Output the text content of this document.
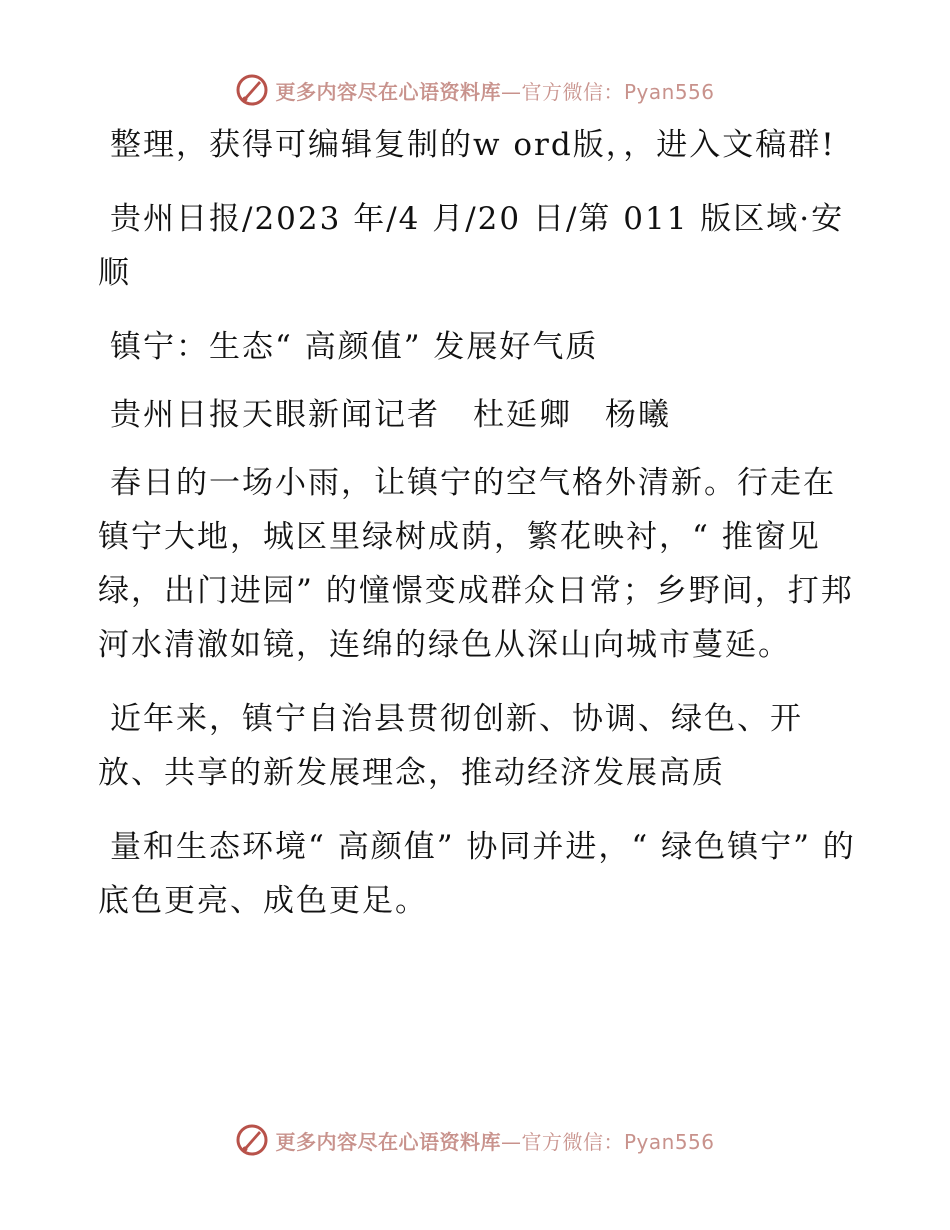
更多内容尽在心语资料库—官方微信：Pyan556

整理，获得可编辑复制的w ord版，，进入文稿群!

贵州日报/2023 年/4 月/20 日/第 011 版区域·安顺

镇宁：生态“ 高颜值” 发展好气质

贵州日报天眼新闻记者　杜延卿　杨曦

春日的一场小雨，让镇宁的空气格外清新。行走在镇宁大地，城区里绿树成荫，繁花映衬，“ 推窗见绿，出门进园” 的憧憬变成群众日常；乡野间，打邦河水清澈如镜，连绵的绿色从深山向城市蔓延。

近年来，镇宁自治县贯彻创新、协调、绿色、开放、共享的新发展理念，推动经济发展高质

量和生态环境“ 高颜值” 协同并进，“ 绿色镇宁” 的底色更亮、成色更足。

更多内容尽在心语资料库—官方微信：Pyan556
